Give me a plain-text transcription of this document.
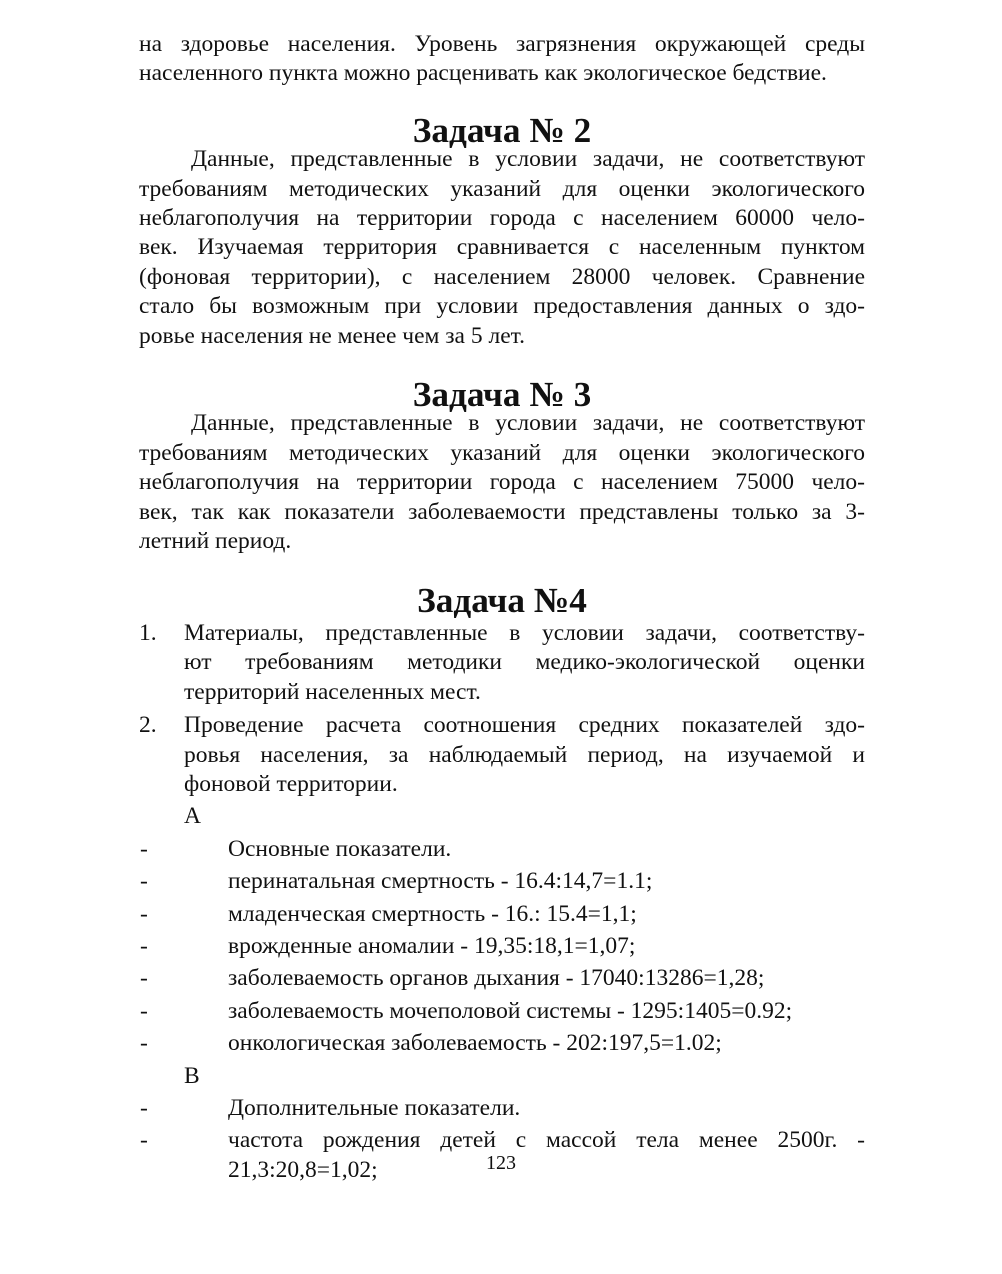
на здоровье населения. Уровень загрязнения окружающей среды

населенного пункта можно расценивать как экологическое бедствие.

Задача № 2

Данные, представленные в условии задачи, не соответствуют

требованиям методических указаний для оценки экологического

неблагополучия на территории города с населением 60000 чело-

век. Изучаемая территория сравнивается с населенным пунктом

(фоновая территории), с населением 28000 человек. Сравнение

стало бы возможным при условии предоставления данных о здо-

ровье населения не менее чем за 5 лет.

Задача № 3

Данные, представленные в условии задачи, не соответствуют

требованиям методических указаний для оценки экологического

неблагополучия на территории города с населением 75000 чело-

век, так как показатели заболеваемости представлены только за 3-

летний период.

Задача №4
1.	Материалы, представленные в условии задачи, соответству-

ют требованиям методики медико-экологической оценки

территорий населенных мест.

2.	Проведение расчета соотношения средних показателей здо-

ровья населения, за наблюдаемый период, на изучаемой и

фоновой территории.

А

-	Основные показатели.
-	перинатальная смертность - 16.4:14,7=1.1;
-	младенческая смертность - 16.: 15.4=1,1;
-	врожденные аномалии - 19,35:18,1=1,07;
-	заболеваемость органов дыхания - 17040:13286=1,28;
-	заболеваемость мочеполовой системы - 1295:1405=0.92;
-	онкологическая заболеваемость - 202:197,5=1.02;

В

-	Дополнительные показатели.
-	частота рождения детей с массой тела менее 2500г. -

21,3:20,8=1,02;	123
